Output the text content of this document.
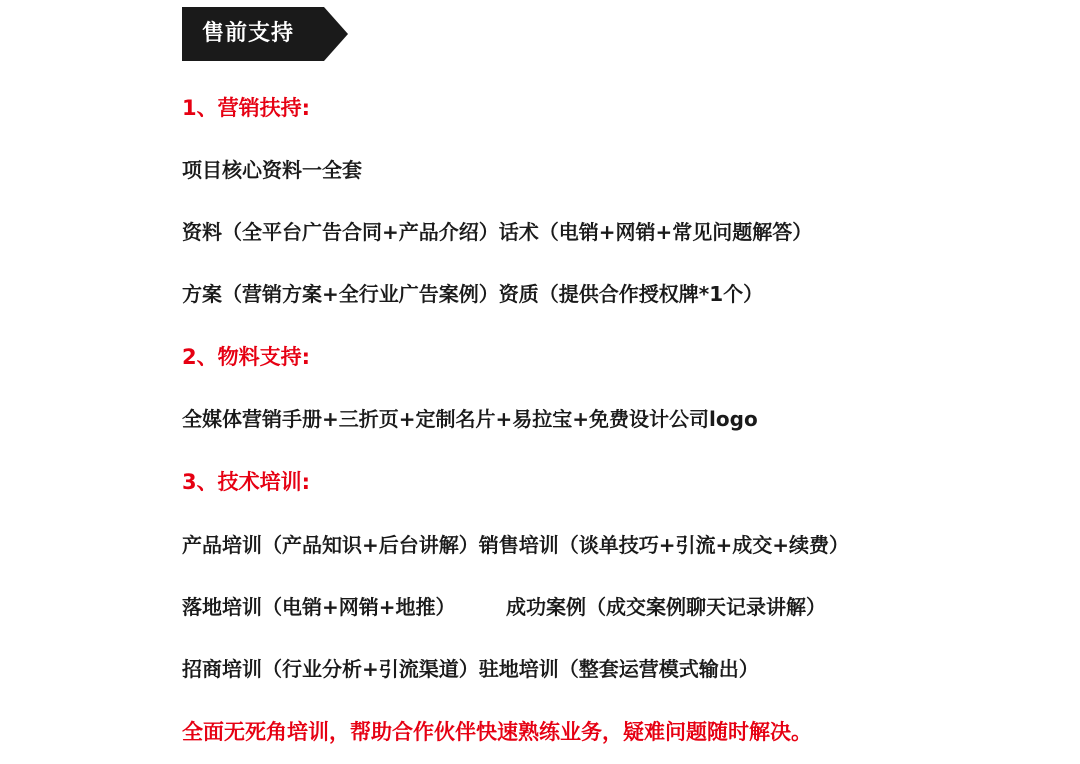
售前支持
1、营销扶持:
项目核心资料一全套
资料（全平台广告合同+产品介绍）话术（电销+网销+常见问题解答）
方案（营销方案+全行业广告案例）资质（提供合作授权牌*1个）
2、物料支持:
全媒体营销手册+三折页+定制名片+易拉宝+免费设计公司logo
3、技术培训:
产品培训（产品知识+后台讲解）销售培训（谈单技巧+引流+成交+续费）
落地培训（电销+网销+地推）	成功案例（成交案例聊天记录讲解）
招商培训（行业分析+引流渠道）驻地培训（整套运营模式输出）
全面无死角培训，帮助合作伙伴快速熟练业务，疑难问题随时解决。
